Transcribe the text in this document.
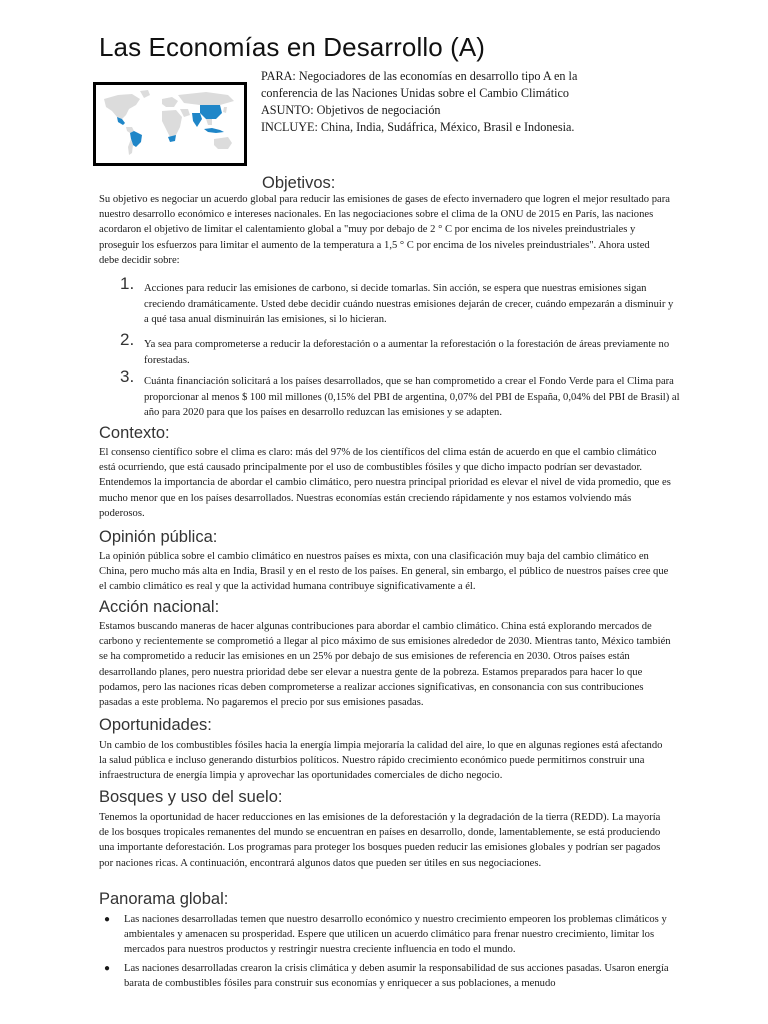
Las Economías en Desarrollo (A)
PARA: Negociadores de las economías en desarrollo tipo A en la
conferencia de las Naciones Unidas sobre el Cambio Climático
ASUNTO: Objetivos de negociación
INCLUYE: China, India, Sudáfrica, México, Brasil e Indonesia.
Objetivos:

Su objetivo es negociar un acuerdo global para reducir las emisiones de gases de efecto invernadero que logren el mejor resultado para nuestro desarrollo económico e intereses nacionales. En las negociaciones sobre el clima de la ONU de 2015 en París, las naciones acordaron el objetivo de limitar el calentamiento global a "muy por debajo de 2 ° C por encima de los niveles preindustriales y proseguir los esfuerzos para limitar el aumento de la temperatura a 1,5 ° C por encima de los niveles preindustriales". Ahora usted debe decidir sobre:

1. Acciones para reducir las emisiones de carbono, si decide tomarlas. Sin acción, se espera que nuestras emisiones sigan creciendo dramáticamente. Usted debe decidir cuándo nuestras emisiones dejarán de crecer, cuándo empezarán a disminuir y a qué tasa anual disminuirán las emisiones, si lo hicieran.
2. Ya sea para comprometerse a reducir la deforestación o a aumentar la reforestación o la forestación de áreas previamente no forestadas.
3. Cuánta financiación solicitará a los países desarrollados, que se han comprometido a crear el Fondo Verde para el Clima para proporcionar al menos $ 100 mil millones (0,15% del PBI de argentina, 0,07% del PBI de España, 0,04% del PBI de Brasil) al año para 2020 para que los países en desarrollo reduzcan las emisiones y se adapten.
Contexto:

El consenso científico sobre el clima es claro: más del 97% de los científicos del clima están de acuerdo en que el cambio climático está ocurriendo, que está causado principalmente por el uso de combustibles fósiles y que dicho impacto podrían ser devastador. Entendemos la importancia de abordar el cambio climático, pero nuestra principal prioridad es elevar el nivel de vida promedio, que es mucho menor que en los países desarrollados. Nuestras economías están creciendo rápidamente y nos estamos volviendo más poderosos.

Opinión pública:

La opinión pública sobre el cambio climático en nuestros países es mixta, con una clasificación muy baja del cambio climático en China, pero mucho más alta en India, Brasil y en el resto de los países. En general, sin embargo, el público de nuestros países cree que el cambio climático es real y que la actividad humana contribuye significativamente a él.

Acción nacional:

Estamos buscando maneras de hacer algunas contribuciones para abordar el cambio climático. China está explorando mercados de carbono y recientemente se comprometió a llegar al pico máximo de sus emisiones alrededor de 2030. Mientras tanto, México también se ha comprometido a reducir las emisiones en un 25% por debajo de sus emisiones de referencia en 2030. Otros países están desarrollando planes, pero nuestra prioridad debe ser elevar a nuestra gente de la pobreza. Estamos preparados para hacer lo que podamos, pero las naciones ricas deben comprometerse a realizar acciones significativas, en consonancia con sus contribuciones pasadas a este problema. No pagaremos el precio por sus emisiones pasadas.

Oportunidades:

Un cambio de los combustibles fósiles hacia la energía limpia mejoraría la calidad del aire, lo que en algunas regiones está afectando la salud pública e incluso generando disturbios políticos. Nuestro rápido crecimiento económico puede permitirnos construir una infraestructura de energía limpia y aprovechar las oportunidades comerciales de dicho negocio.

Bosques y uso del suelo:

Tenemos la oportunidad de hacer reducciones en las emisiones de la deforestación y la degradación de la tierra (REDD). La mayoría de los bosques tropicales remanentes del mundo se encuentran en países en desarrollo, donde, lamentablemente, se está produciendo una importante deforestación. Los programas para proteger los bosques pueden reducir las emisiones globales y podrían ser pagados por naciones ricas. A continuación, encontrará algunos datos que pueden ser útiles en sus negociaciones.

Panorama global:
● Las naciones desarrolladas temen que nuestro desarrollo económico y nuestro crecimiento empeoren los problemas climáticos y ambientales y amenacen su prosperidad. Espere que utilicen un acuerdo climático para frenar nuestro crecimiento, limitar los mercados para nuestros productos y restringir nuestra creciente influencia en todo el mundo.
● Las naciones desarrolladas crearon la crisis climática y deben asumir la responsabilidad de sus acciones pasadas. Usaron energía barata de combustibles fósiles para construir sus economías y enriquecer a sus poblaciones, a menudo
